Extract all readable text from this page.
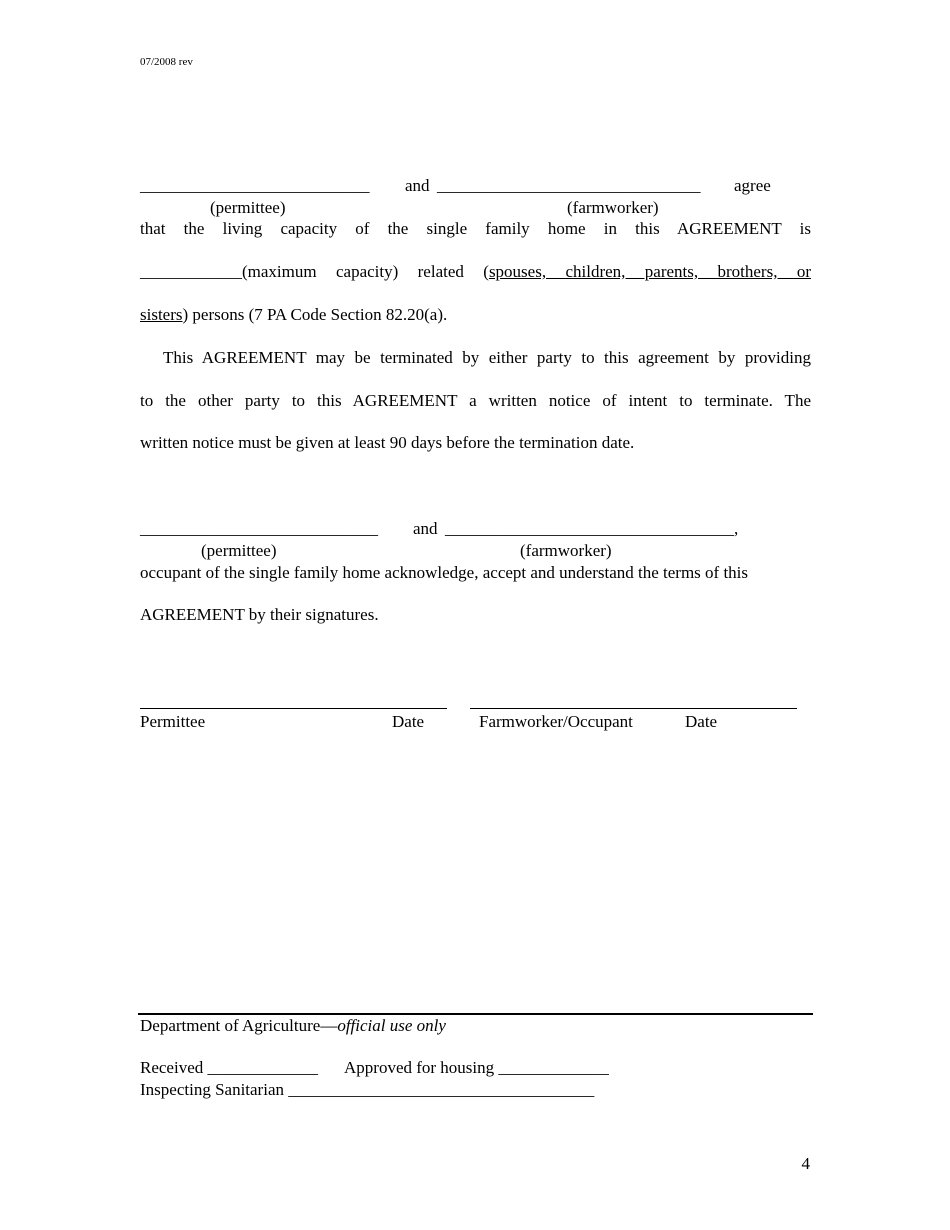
07/2008 rev
___________________________ and _______________________________ agree
(permittee)	(farmworker)
that the living capacity of the single family home in this AGREEMENT is
____________(maximum capacity) related (spouses, children, parents, brothers, or
sisters) persons (7 PA Code Section 82.20(a).
This AGREEMENT may be terminated by either party to this agreement by providing
to the other party to this AGREEMENT a written notice of intent to terminate. The
written notice must be given at least 90 days before the termination date.
____________________________ and __________________________________,
(permittee)	(farmworker)
occupant of the single family home acknowledge, accept and understand the terms of this
AGREEMENT by their signatures.
Permittee	Date	Farmworker/Occupant	Date
Department of Agriculture—official use only
Received _____________ Approved for housing _____________
Inspecting Sanitarian ____________________________________
4
